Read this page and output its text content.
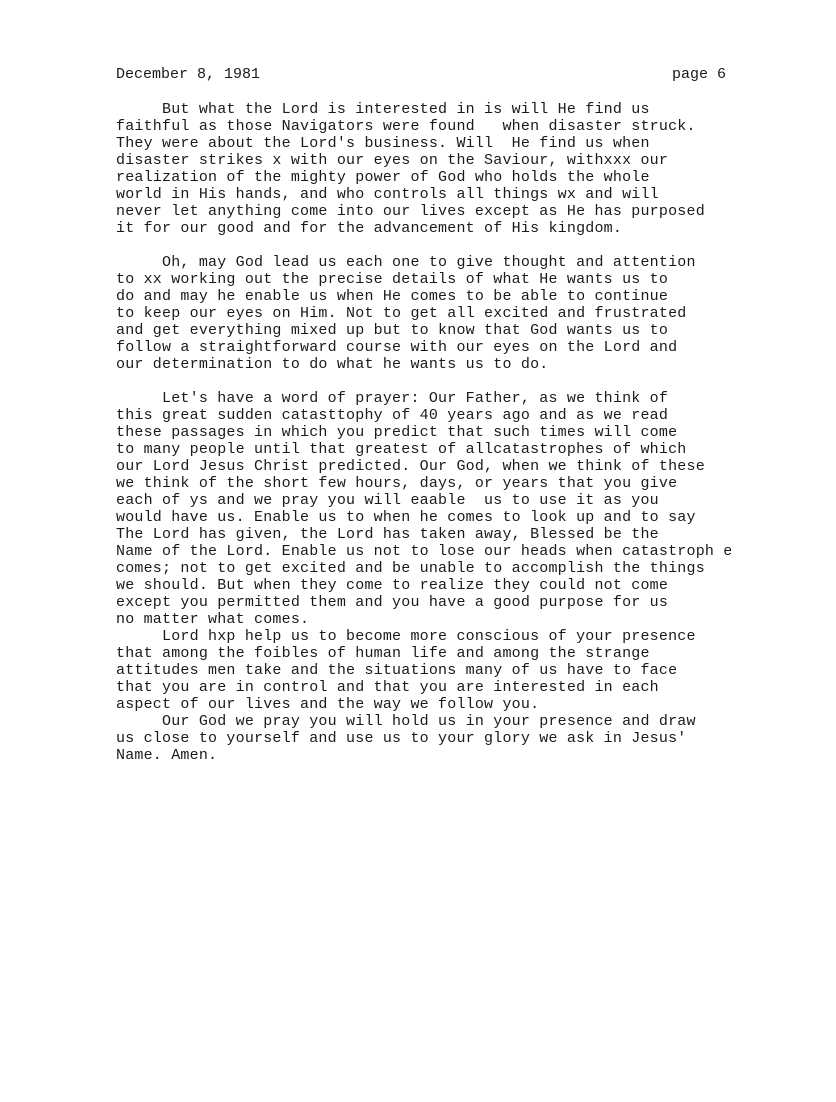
December 8, 1981	page 6
But what the Lord is interested in is will He find us
faithful as those Navigators were found   when disaster struck.
They were about the Lord's business. Will  He find us when
disaster strikes x with our eyes on the Saviour, withxxx our
realization of the mighty power of God who holds the whole
world in His hands, and who controls all things wx and will
never let anything come into our lives except as He has purposed
it for our good and for the advancement of His kingdom.
Oh, may God lead us each one to give thought and attention
to xx working out the precise details of what He wants us to
do and may he enable us when He comes to be able to continue
to keep our eyes on Him. Not to get all excited and frustrated
and get everything mixed up but to know that God wants us to
follow a straightforward course with our eyes on the Lord and
our determination to do what he wants us to do.
Let's have a word of prayer: Our Father, as we think of
this great sudden catasttophy of 40 years ago and as we read
these passages in which you predict that such times will come
to many people until that greatest of allcatastrophes of which
our Lord Jesus Christ predicted. Our God, when we think of these
we think of the short few hours, days, or years that you give
each of ys and we pray you will eaable  us to use it as you
would have us. Enable us to when he comes to look up and to say
The Lord has given, the Lord has taken away, Blessed be the
Name of the Lord. Enable us not to lose our heads when catastroph e
comes; not to get excited and be unable to accomplish the things
we should. But when they come to realize they could not come
except you permitted them and you have a good purpose for us
no matter what comes.
Lord hxp help us to become more conscious of your presence
that among the foibles of human life and among the strange
attitudes men take and the situations many of us have to face
that you are in control and that you are interested in each
aspect of our lives and the way we follow you.
Our God we pray you will hold us in your presence and draw
us close to yourself and use us to your glory we ask in Jesus'
Name. Amen.
